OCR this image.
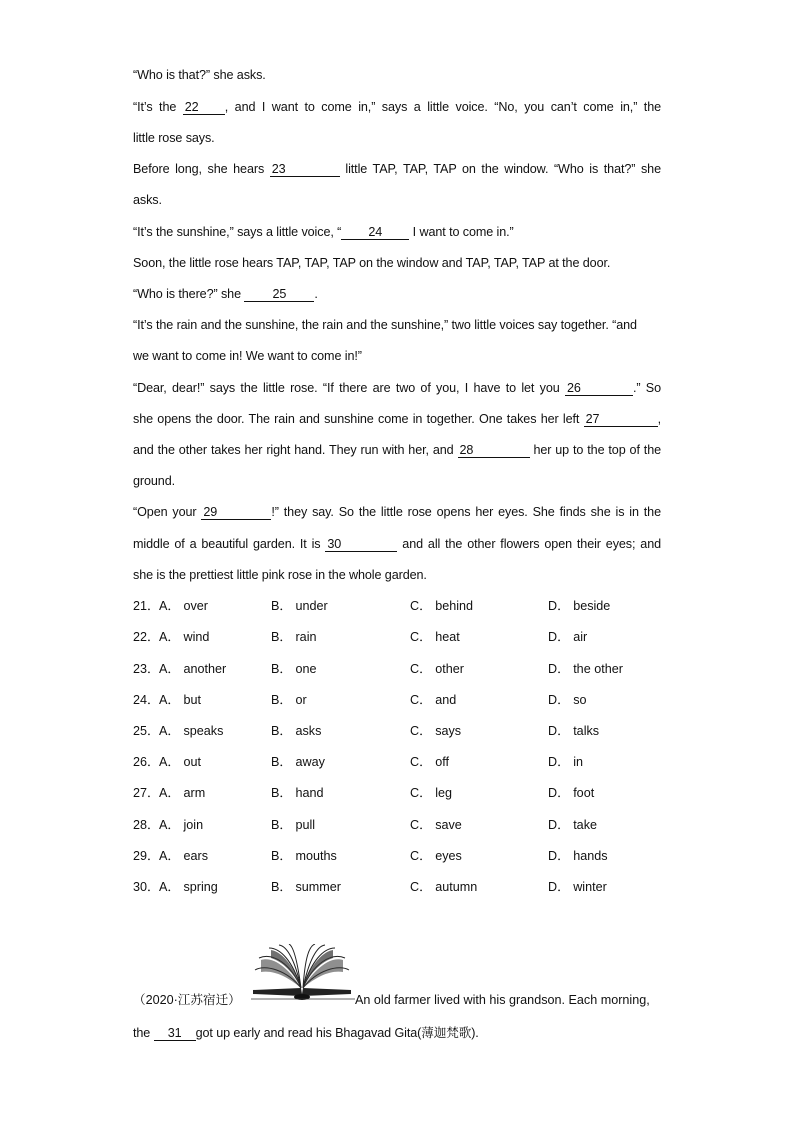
“Who is that?” she asks.
“It’s the 22 , and I want to come in,” says a little voice. “No, you can’t come in,” the
little rose says.
Before long, she hears 23	little TAP, TAP, TAP on the window. “Who is that?” she
asks.
“It’s the sunshine,” says a little voice, “ 24 I want to come in.”
Soon, the little rose hears TAP, TAP, TAP on the window and TAP, TAP, TAP at the door.
“Who is there?” she 25 .
“It’s the rain and the sunshine, the rain and the sunshine,” two little voices say together. “and
we want to come in! We want to come in!”
“Dear, dear!” says the little rose. “If there are two of you, I have to let you 26	.” So
she opens the door. The rain and sunshine come in together. One takes her left 27	,
and the other takes her right hand. They run with her, and 28	her up to the top of the
ground.
“Open your 29	!” they say. So the little rose opens her eyes. She finds she is in the
middle of a beautiful garden. It is 30	and all the other flowers open their eyes; and
she is the prettiest little pink rose in the whole garden.
21． A． over	B． under	C． behind	D． beside
22． A． wind	B． rain	C． heat	D． air
23． A． another	B． one	C． other	D． the other
24． A． but	B． or	C． and	D． so
25． A． speaks	B． asks	C． says	D． talks
26． A． out	B． away	C． off	D． in
27． A． arm	B． hand	C． leg	D． foot
28． A． join	B． pull	C． save	D． take
29． A． ears	B． mouths	C． eyes	D． hands
30． A． spring	B． summer	C． autumn	D． winter
（2020·江苏宿迁）	An old farmer lived with his grandson. Each morning,
the 31 got up early and read his Bhagavad Gita(薄迦梵歌).
